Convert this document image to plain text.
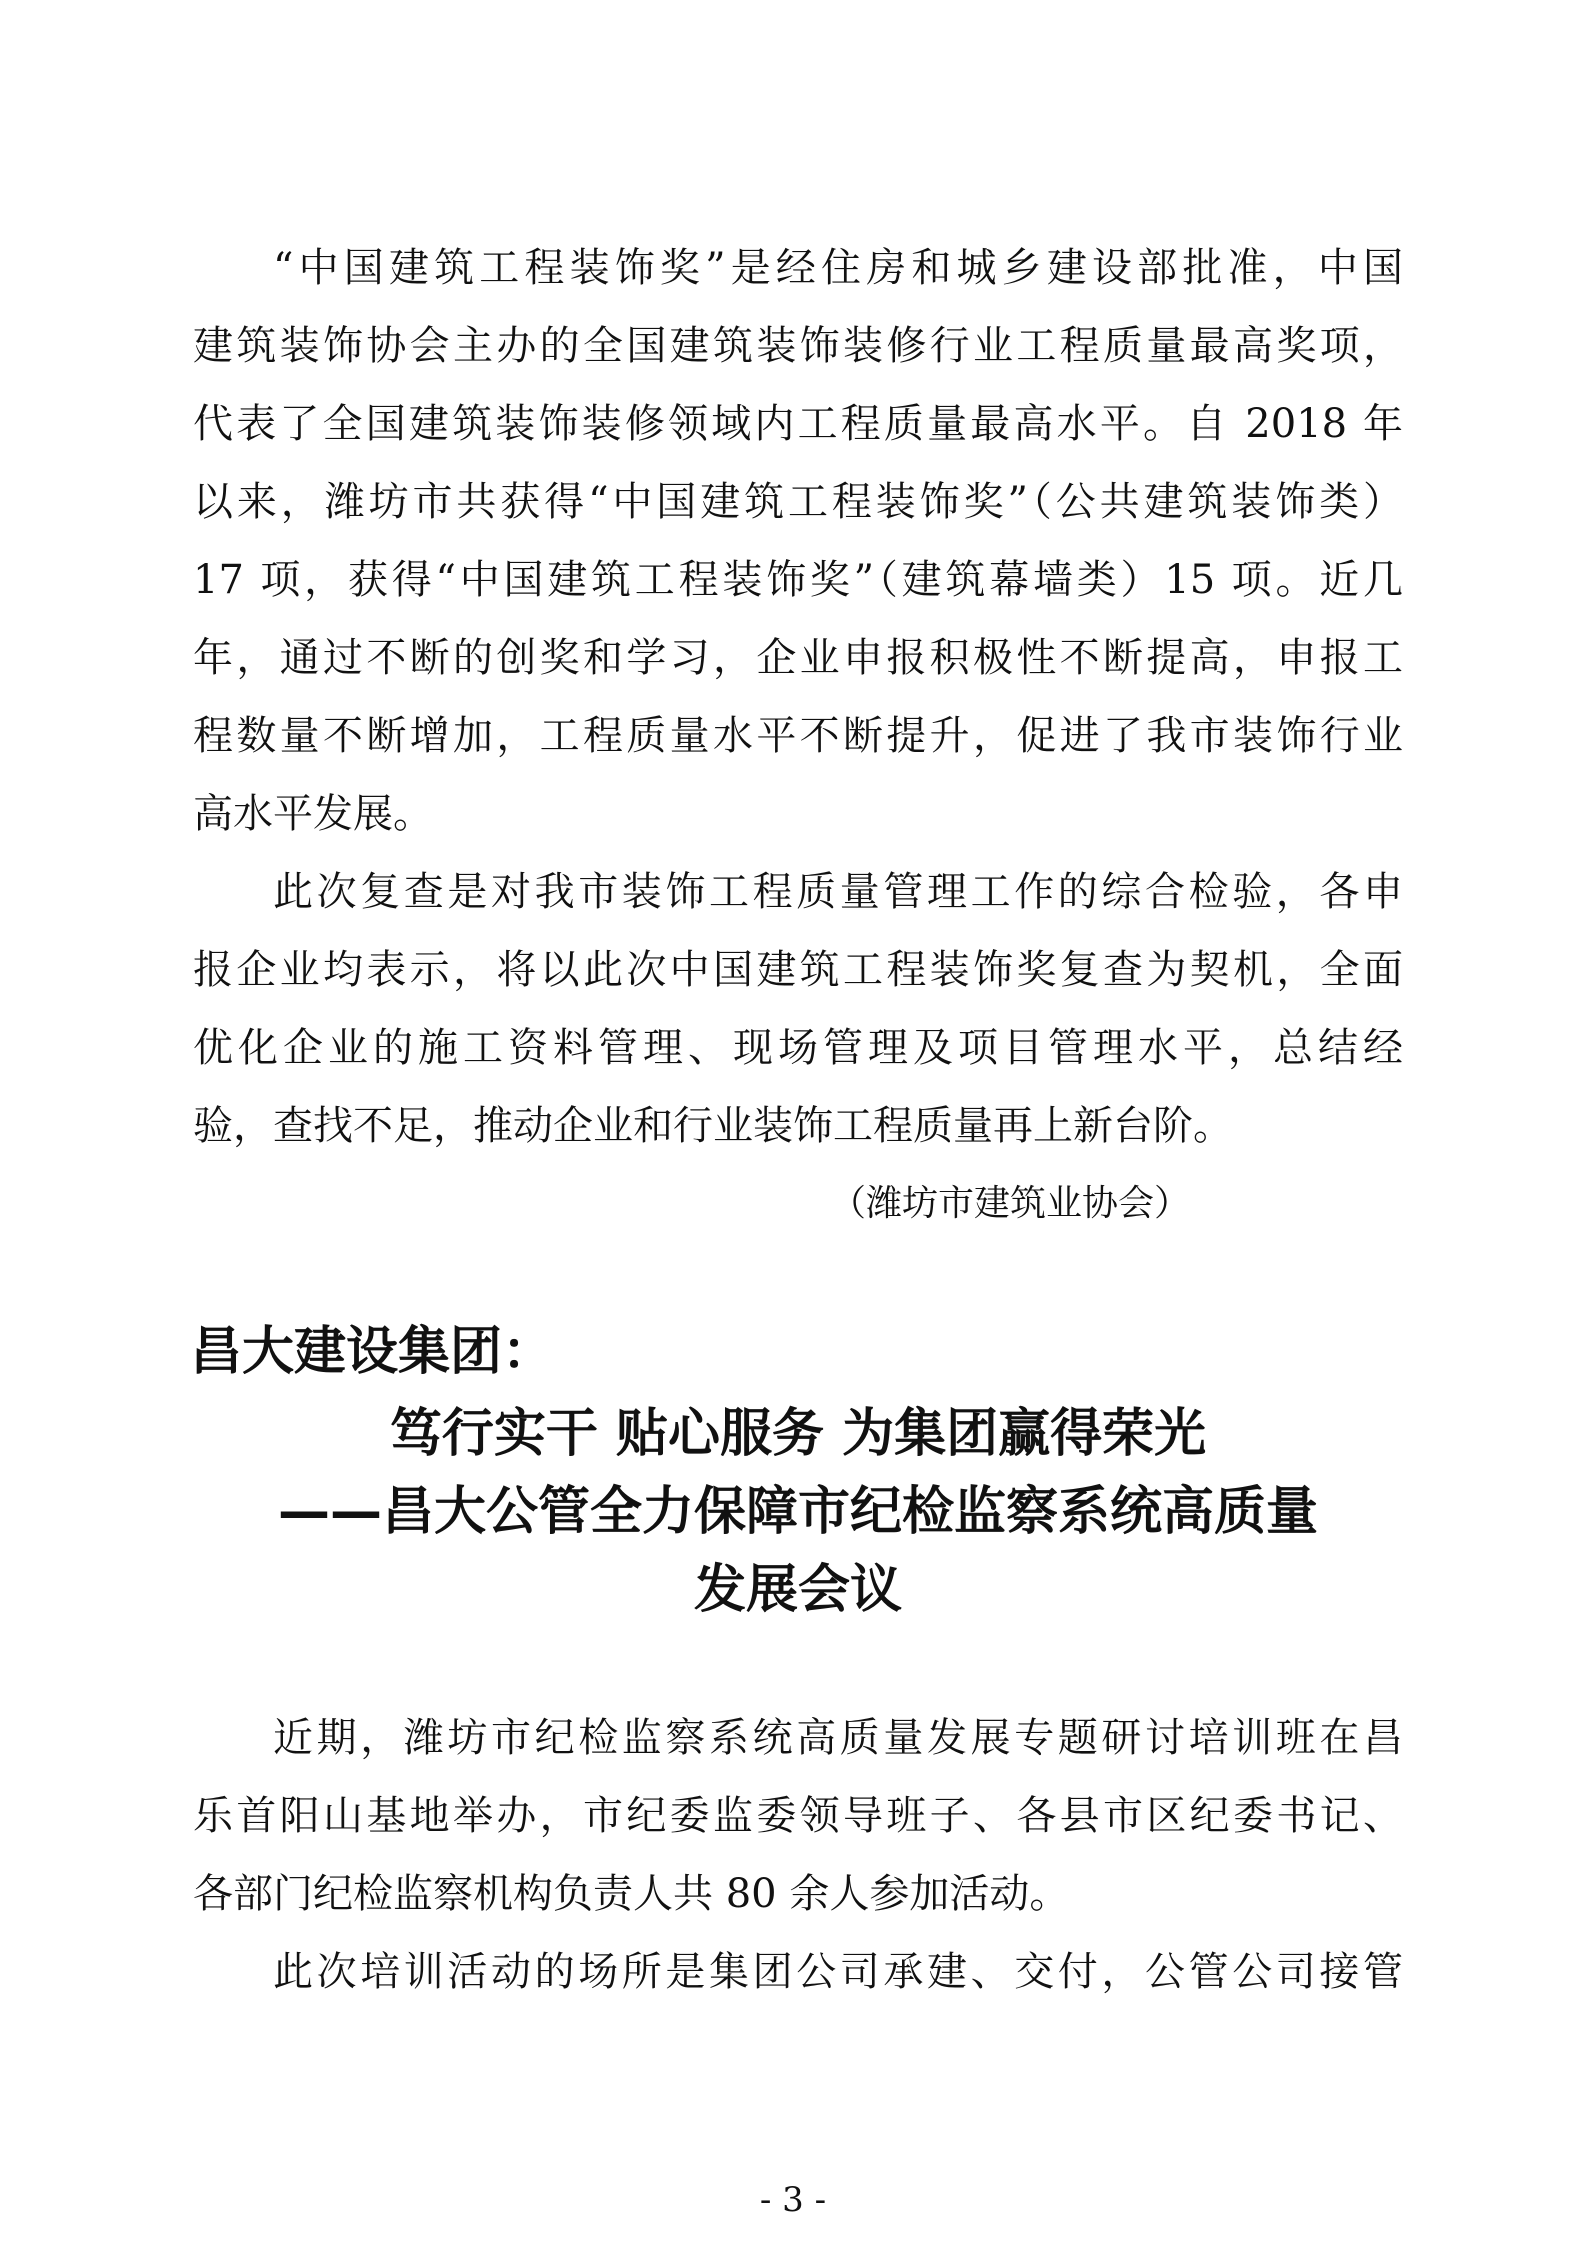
“中国建筑工程装饰奖”是经住房和城乡建设部批准，中国
建筑装饰协会主办的全国建筑装饰装修行业工程质量最高奖项，
代表了全国建筑装饰装修领域内工程质量最高水平。自 2018 年
以来，潍坊市共获得“中国建筑工程装饰奖”（公共建筑装饰类）
17 项，获得“中国建筑工程装饰奖”（建筑幕墙类）15 项。近几
年，通过不断的创奖和学习，企业申报积极性不断提高，申报工
程数量不断增加，工程质量水平不断提升，促进了我市装饰行业
高水平发展。
此次复查是对我市装饰工程质量管理工作的综合检验，各申
报企业均表示，将以此次中国建筑工程装饰奖复查为契机，全面
优化企业的施工资料管理、现场管理及项目管理水平，总结经
验，查找不足，推动企业和行业装饰工程质量再上新台阶。
（潍坊市建筑业协会）
昌大建设集团：
笃行实干 贴心服务 为集团赢得荣光
——昌大公管全力保障市纪检监察系统高质量
发展会议
近期，潍坊市纪检监察系统高质量发展专题研讨培训班在昌
乐首阳山基地举办，市纪委监委领导班子、各县市区纪委书记、
各部门纪检监察机构负责人共 80 余人参加活动。
此次培训活动的场所是集团公司承建、交付，公管公司接管
- 3 -
